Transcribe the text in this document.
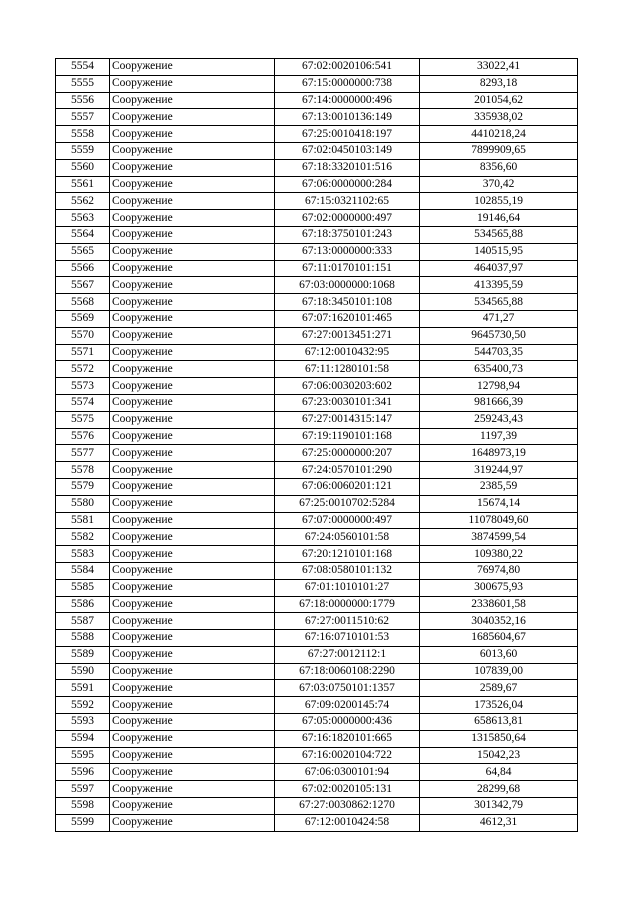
5554	Сооружение	67:02:0020106:541	33022,41
5555	Сооружение	67:15:0000000:738	8293,18
5556	Сооружение	67:14:0000000:496	201054,62
5557	Сооружение	67:13:0010136:149	335938,02
5558	Сооружение	67:25:0010418:197	4410218,24
5559	Сооружение	67:02:0450103:149	7899909,65
5560	Сооружение	67:18:3320101:516	8356,60
5561	Сооружение	67:06:0000000:284	370,42
5562	Сооружение	67:15:0321102:65	102855,19
5563	Сооружение	67:02:0000000:497	19146,64
5564	Сооружение	67:18:3750101:243	534565,88
5565	Сооружение	67:13:0000000:333	140515,95
5566	Сооружение	67:11:0170101:151	464037,97
5567	Сооружение	67:03:0000000:1068	413395,59
5568	Сооружение	67:18:3450101:108	534565,88
5569	Сооружение	67:07:1620101:465	471,27
5570	Сооружение	67:27:0013451:271	9645730,50
5571	Сооружение	67:12:0010432:95	544703,35
5572	Сооружение	67:11:1280101:58	635400,73
5573	Сооружение	67:06:0030203:602	12798,94
5574	Сооружение	67:23:0030101:341	981666,39
5575	Сооружение	67:27:0014315:147	259243,43
5576	Сооружение	67:19:1190101:168	1197,39
5577	Сооружение	67:25:0000000:207	1648973,19
5578	Сооружение	67:24:0570101:290	319244,97
5579	Сооружение	67:06:0060201:121	2385,59
5580	Сооружение	67:25:0010702:5284	15674,14
5581	Сооружение	67:07:0000000:497	11078049,60
5582	Сооружение	67:24:0560101:58	3874599,54
5583	Сооружение	67:20:1210101:168	109380,22
5584	Сооружение	67:08:0580101:132	76974,80
5585	Сооружение	67:01:1010101:27	300675,93
5586	Сооружение	67:18:0000000:1779	2338601,58
5587	Сооружение	67:27:0011510:62	3040352,16
5588	Сооружение	67:16:0710101:53	1685604,67
5589	Сооружение	67:27:0012112:1	6013,60
5590	Сооружение	67:18:0060108:2290	107839,00
5591	Сооружение	67:03:0750101:1357	2589,67
5592	Сооружение	67:09:0200145:74	173526,04
5593	Сооружение	67:05:0000000:436	658613,81
5594	Сооружение	67:16:1820101:665	1315850,64
5595	Сооружение	67:16:0020104:722	15042,23
5596	Сооружение	67:06:0300101:94	64,84
5597	Сооружение	67:02:0020105:131	28299,68
5598	Сооружение	67:27:0030862:1270	301342,79
5599	Сооружение	67:12:0010424:58	4612,31
